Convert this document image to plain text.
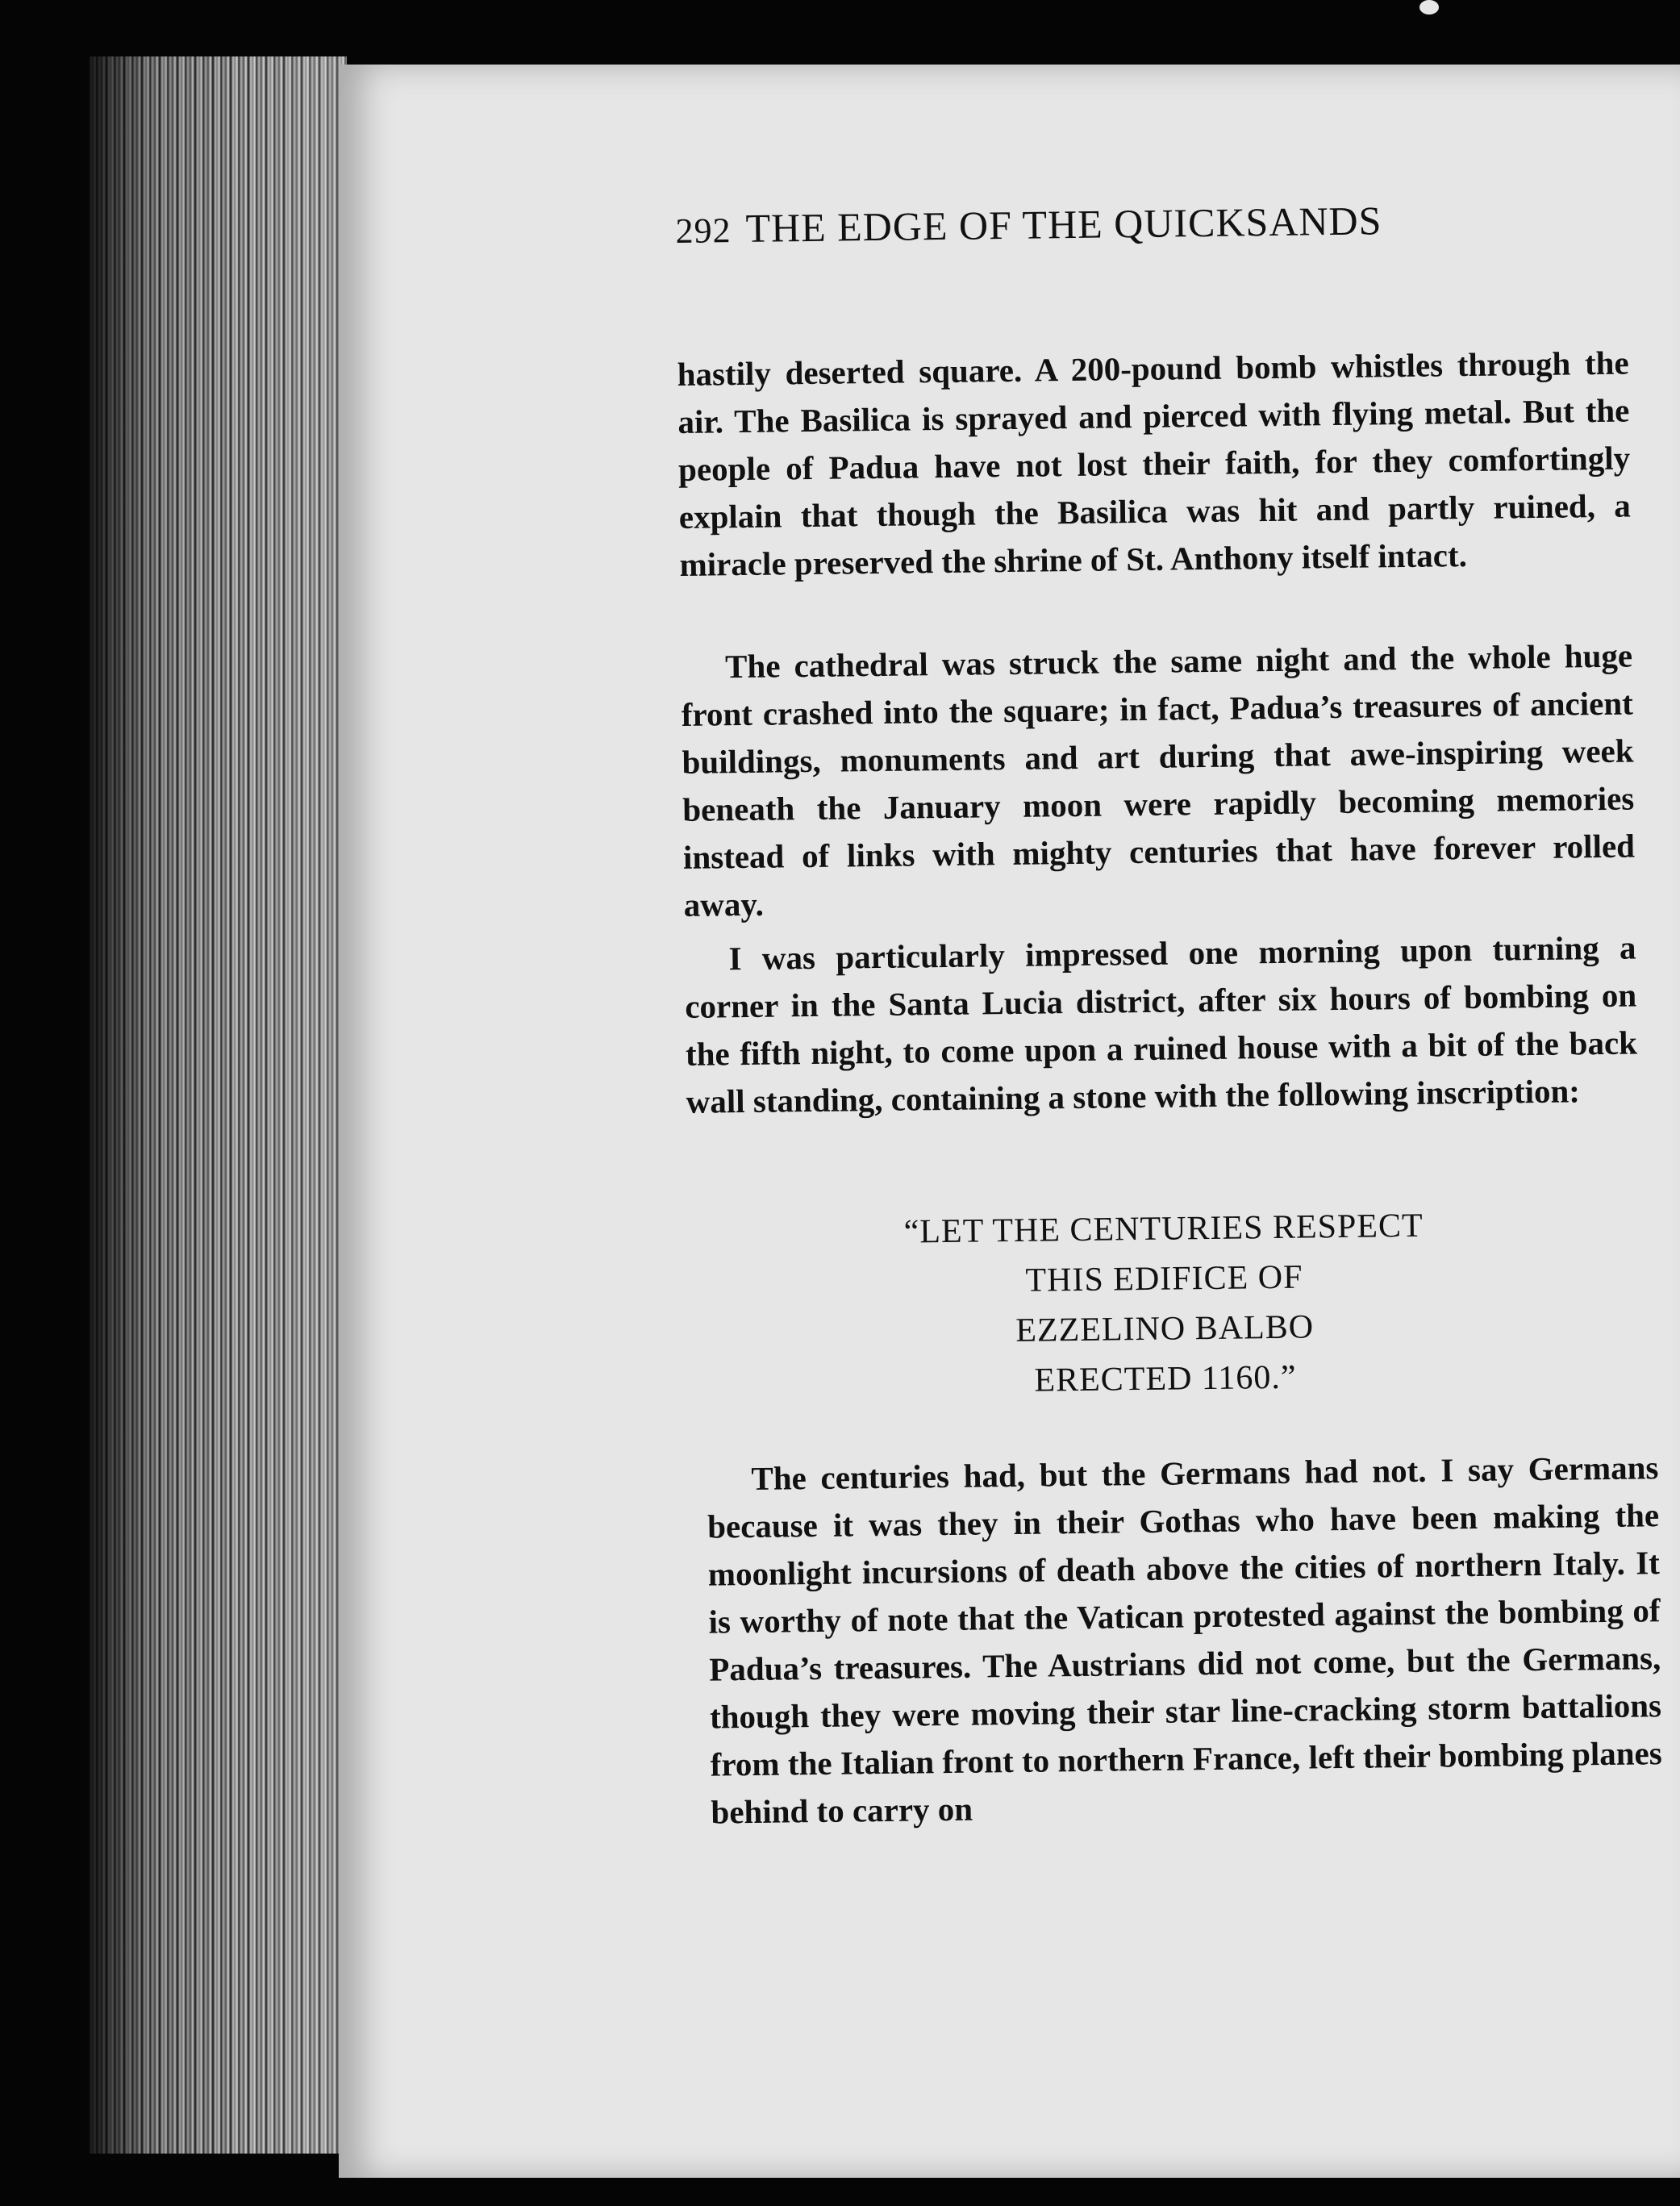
292 THE EDGE OF THE QUICKSANDS

hastily deserted square. A 200-pound bomb whistles through the air. The Basilica is sprayed and pierced with flying metal. But the people of Padua have not lost their faith, for they comfortingly explain that though the Basilica was hit and partly ruined, a miracle preserved the shrine of St. Anthony itself intact.

The cathedral was struck the same night and the whole huge front crashed into the square; in fact, Padua’s treasures of ancient buildings, monuments and art during that awe-inspiring week beneath the January moon were rapidly becoming memories instead of links with mighty centuries that have forever rolled away.

I was particularly impressed one morning upon turning a corner in the Santa Lucia district, after six hours of bombing on the fifth night, to come upon a ruined house with a bit of the back wall standing, containing a stone with the following inscription:

“LET THE CENTURIES RESPECT
THIS EDIFICE OF
EZZELINO BALBO
ERECTED 1160.”

The centuries had, but the Germans had not. I say Germans because it was they in their Gothas who have been making the moonlight incursions of death above the cities of northern Italy. It is worthy of note that the Vatican protested against the bombing of Padua’s treasures. The Austrians did not come, but the Germans, though they were moving their star line-cracking storm battalions from the Italian front to northern France, left their bombing planes behind to carry on
